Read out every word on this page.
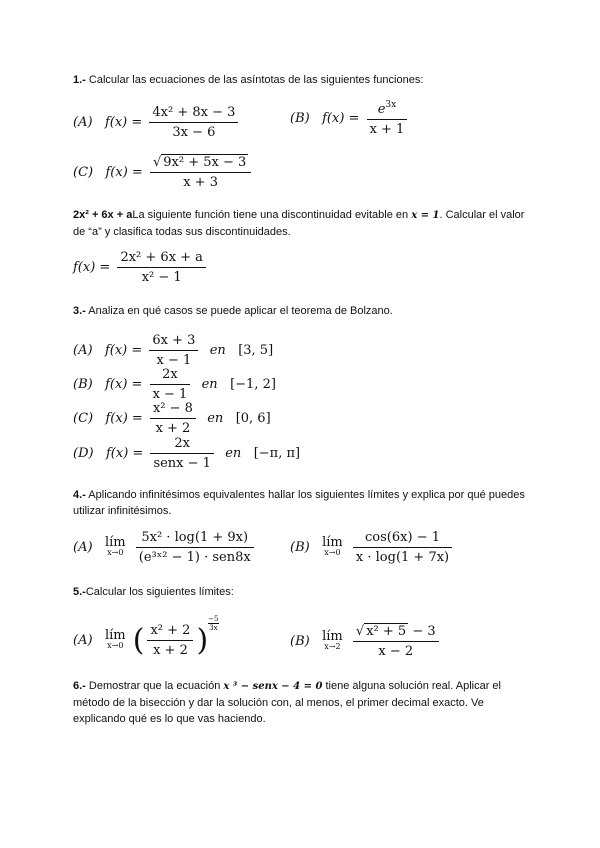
1.- Calcular las ecuaciones de las asíntotas de las siguientes funciones:

(A) $f(x) = \frac{\text{4x² + 8x − 3}}{3x - 6}$	(B) $f(x) = \frac{e^{3x}}{x + 1}$
(C) $f(x) = \frac{\text{√ 9x² + 5x − 3}}{x + 3}$

2x² + 6x + aLa siguiente función tiene una discontinuidad evitable en x = 1. Calcular el valor de “a” y clasifica todas sus discontinuidades.

$f(x) = \frac{\text{2x² + 6x + a}}{\text{x² − 1}}$

3.- Analiza en qué casos se puede aplicar el teorema de Bolzano.

(A) $f(x) = \frac{6x + 3}{x - 1}$ en [3, 5]
(B) $f(x) = \frac{2x}{x - 1}$ en [−1, 2]
(C) $f(x) = \frac{\text{x² − 8}}{x + 2}$ en [0, 6]
(D) $f(x) = \frac{2x}{\text{senx − 1}}$ en [−π, π]

4.- Aplicando infinitésimos equivalentes hallar los siguientes límites y explica por qué puedes utilizar infinitésimos.

(A) lím
x→0
$\frac{\text{5x² · log(1 + 9x)}}{\text{(e³ˣ² − 1) · sen8x}}$	(B) lím
x→0
$\frac{\cos(6x) - 1}{x \cdot \log(1 + 7x)}$

5.-Calcular los siguientes límites:

(A) lím
x→0 ( $\frac{\text{x² + 2}}{x + 2}$ ) $\frac{-5}{3x}$
(B) lím
x→2
$\frac{\text{√ x² + 5 − 3}}{x - 2}$

6.- Demostrar que la ecuación x ³ − senx − 4 = 0 tiene alguna solución real. Aplicar el método de la bisección y dar la solución con, al menos, el primer decimal exacto. Ve explicando qué es lo que vas haciendo.
